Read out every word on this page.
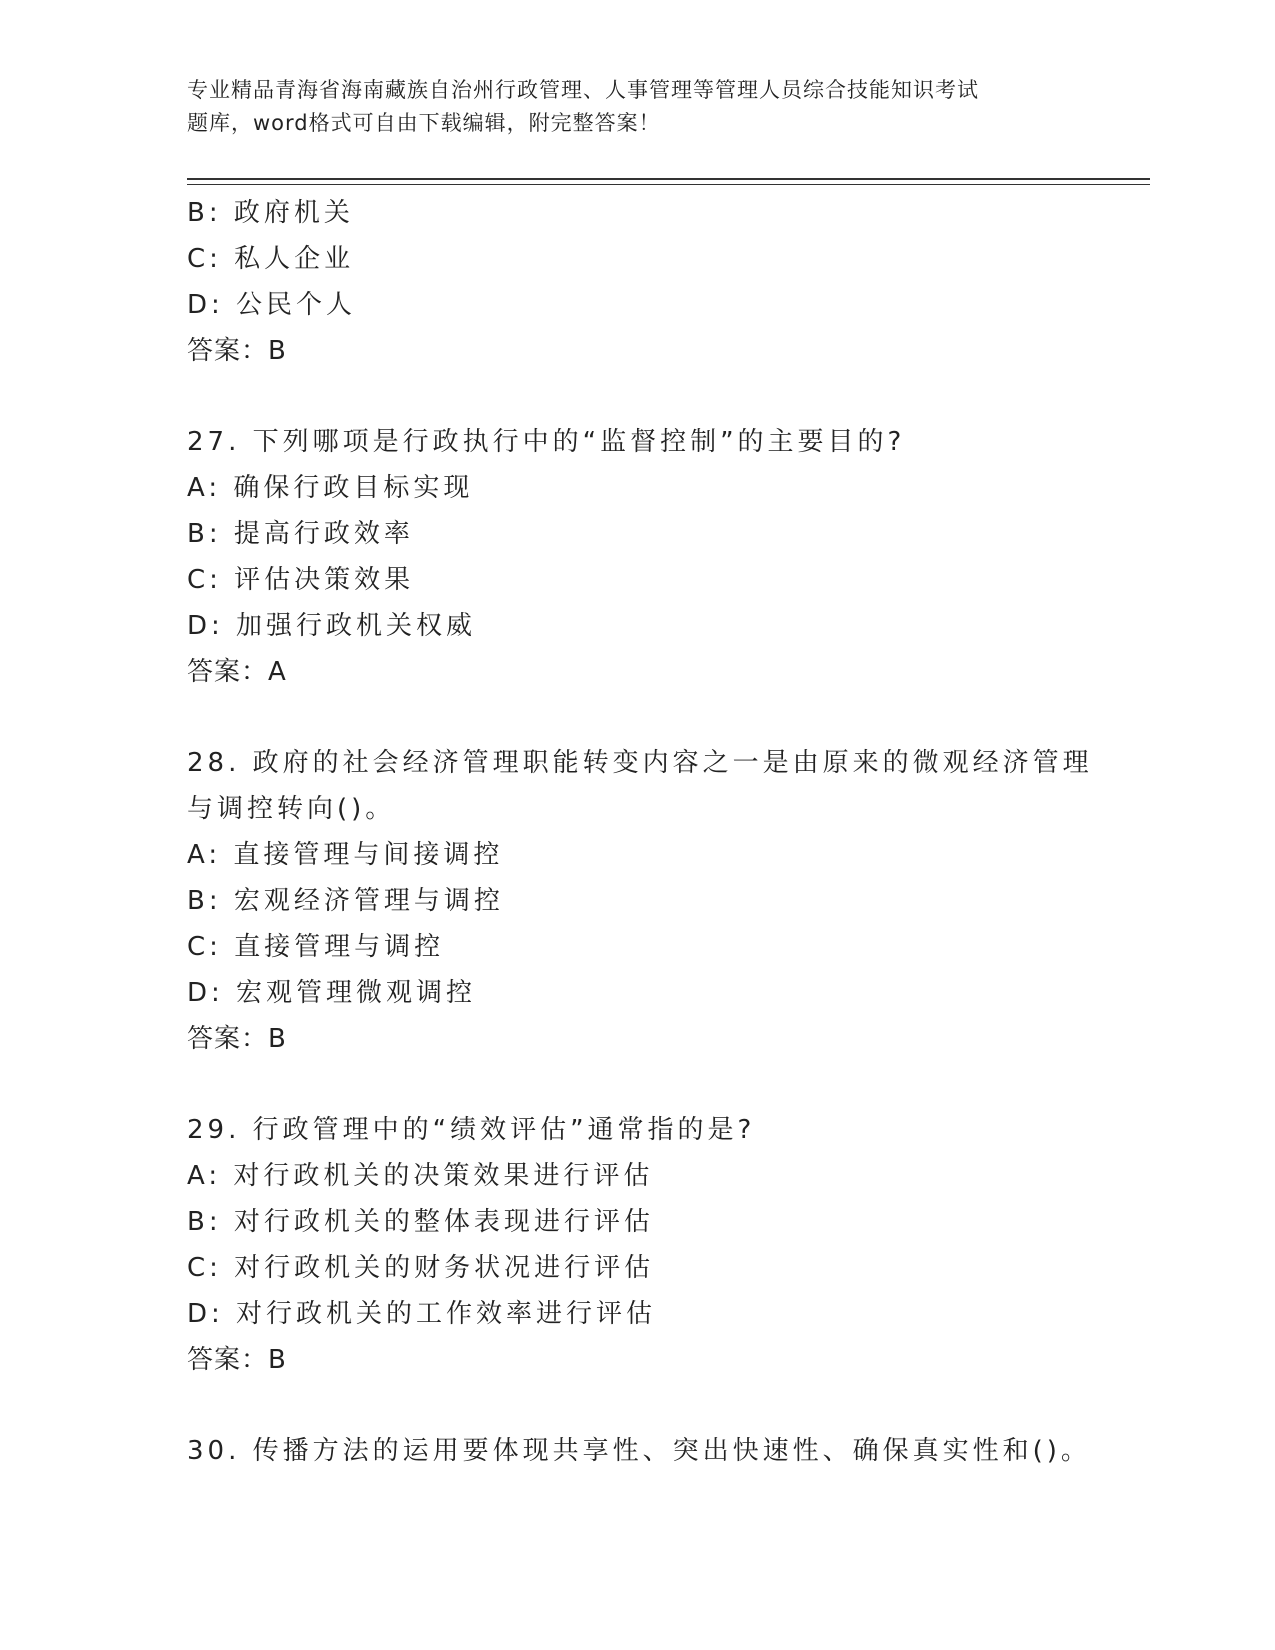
专业精品青海省海南藏族自治州行政管理、人事管理等管理人员综合技能知识考试
题库，word格式可自由下载编辑，附完整答案！
B: 政府机关
C: 私人企业
D: 公民个人
答案：B
27. 下列哪项是行政执行中的“监督控制”的主要目的?
A: 确保行政目标实现
B: 提高行政效率
C: 评估决策效果
D: 加强行政机关权威
答案：A
28. 政府的社会经济管理职能转变内容之一是由原来的微观经济管理
与调控转向()。
A: 直接管理与间接调控
B: 宏观经济管理与调控
C: 直接管理与调控
D: 宏观管理微观调控
答案：B
29. 行政管理中的“绩效评估”通常指的是?
A: 对行政机关的决策效果进行评估
B: 对行政机关的整体表现进行评估
C: 对行政机关的财务状况进行评估
D: 对行政机关的工作效率进行评估
答案：B
30. 传播方法的运用要体现共享性、突出快速性、确保真实性和()。
